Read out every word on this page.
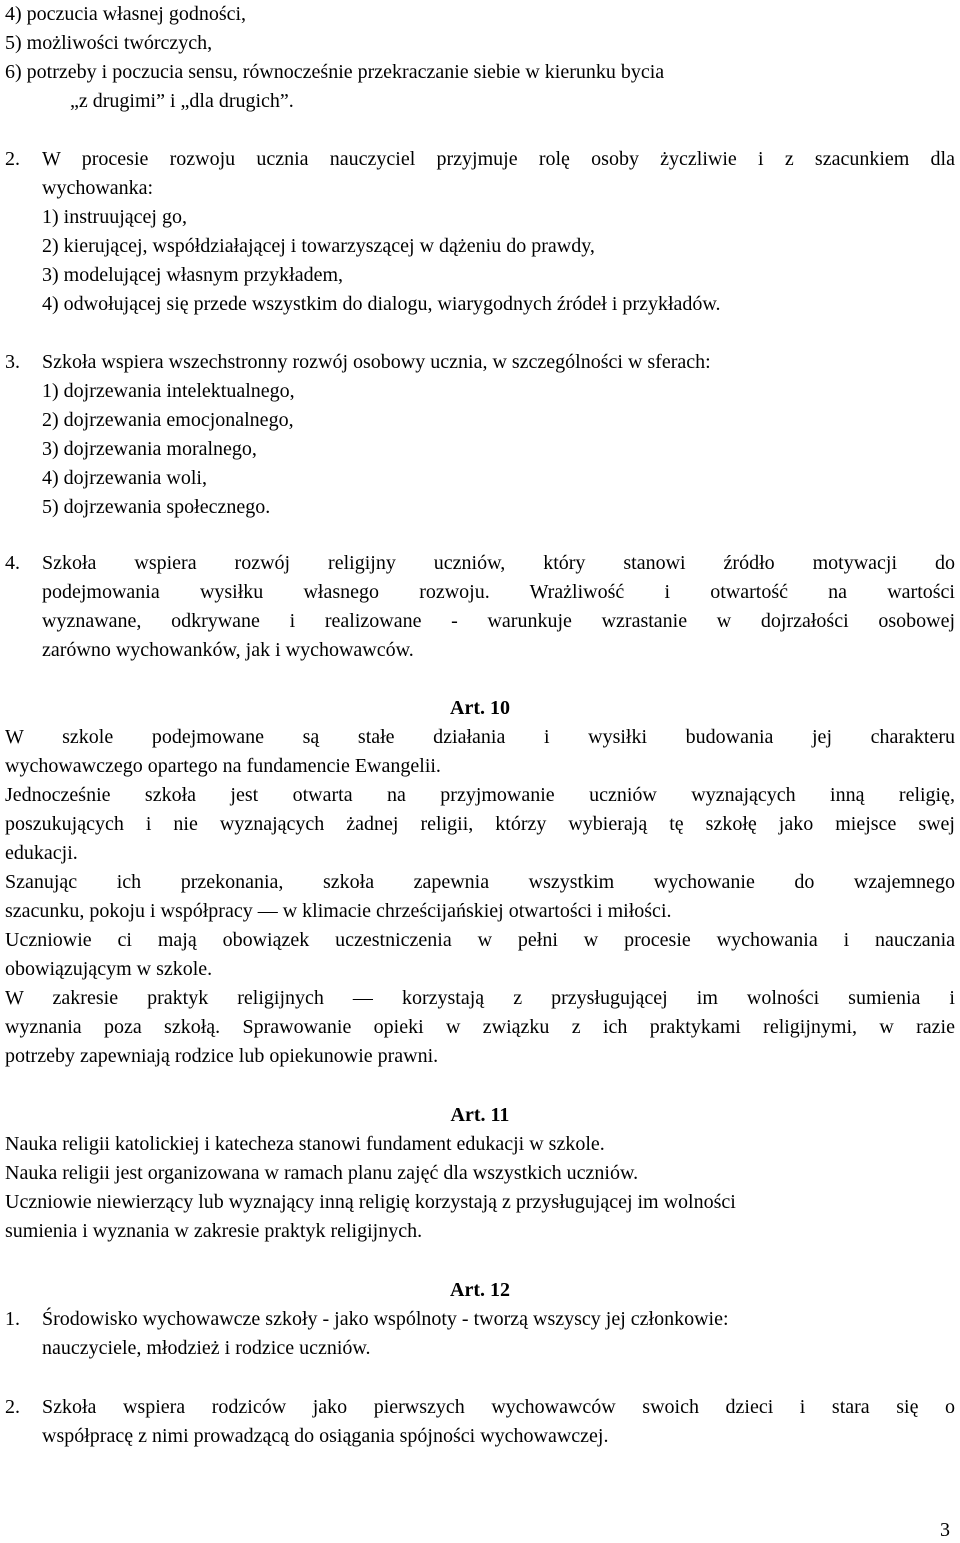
4) poczucia własnej godności,
5) możliwości twórczych,
6) potrzeby i poczucia sensu, równocześnie przekraczanie siebie w kierunku bycia
„z drugimi” i „dla drugich”.
2. W procesie rozwoju ucznia nauczyciel przyjmuje rolę osoby życzliwie i z szacunkiem dla
wychowanka:
1) instruującej go,
2) kierującej, współdziałającej i towarzyszącej w dążeniu do prawdy,
3) modelującej własnym przykładem,
4) odwołującej się przede wszystkim do dialogu, wiarygodnych źródeł i przykładów.
3. Szkoła wspiera wszechstronny rozwój osobowy ucznia, w szczególności w sferach:
1) dojrzewania intelektualnego,
2) dojrzewania emocjonalnego,
3) dojrzewania moralnego,
4) dojrzewania woli,
5) dojrzewania społecznego.
4. Szkoła wspiera rozwój religijny uczniów, który stanowi źródło motywacji do
podejmowania wysiłku własnego rozwoju. Wrażliwość i otwartość na wartości
wyznawane, odkrywane i realizowane - warunkuje wzrastanie w dojrzałości osobowej
zarówno wychowanków, jak i wychowawców.
Art. 10
W szkole podejmowane są stałe działania i wysiłki budowania jej charakteru
wychowawczego opartego na fundamencie Ewangelii.
Jednocześnie szkoła jest otwarta na przyjmowanie uczniów wyznających inną religię,
poszukujących i nie wyznających żadnej religii, którzy wybierają tę szkołę jako miejsce swej
edukacji.
Szanując ich przekonania, szkoła zapewnia wszystkim wychowanie do wzajemnego
szacunku, pokoju i współpracy — w klimacie chrześcijańskiej otwartości i miłości.
Uczniowie ci mają obowiązek uczestniczenia w pełni w procesie wychowania i nauczania
obowiązującym w szkole.
W zakresie praktyk religijnych — korzystają z przysługującej im wolności sumienia i
wyznania poza szkołą. Sprawowanie opieki w związku z ich praktykami religijnymi, w razie
potrzeby zapewniają rodzice lub opiekunowie prawni.
Art. 11
Nauka religii katolickiej i katecheza stanowi fundament edukacji w szkole.
Nauka religii jest organizowana w ramach planu zajęć dla wszystkich uczniów.
Uczniowie niewierzący lub wyznający inną religię korzystają z przysługującej im wolności
sumienia i wyznania w zakresie praktyk religijnych.
Art. 12
1. Środowisko wychowawcze szkoły - jako wspólnoty - tworzą wszyscy jej członkowie:
nauczyciele, młodzież i rodzice uczniów.
2. Szkoła wspiera rodziców jako pierwszych wychowawców swoich dzieci i stara się o
współpracę z nimi prowadzącą do osiągania spójności wychowawczej.
3
